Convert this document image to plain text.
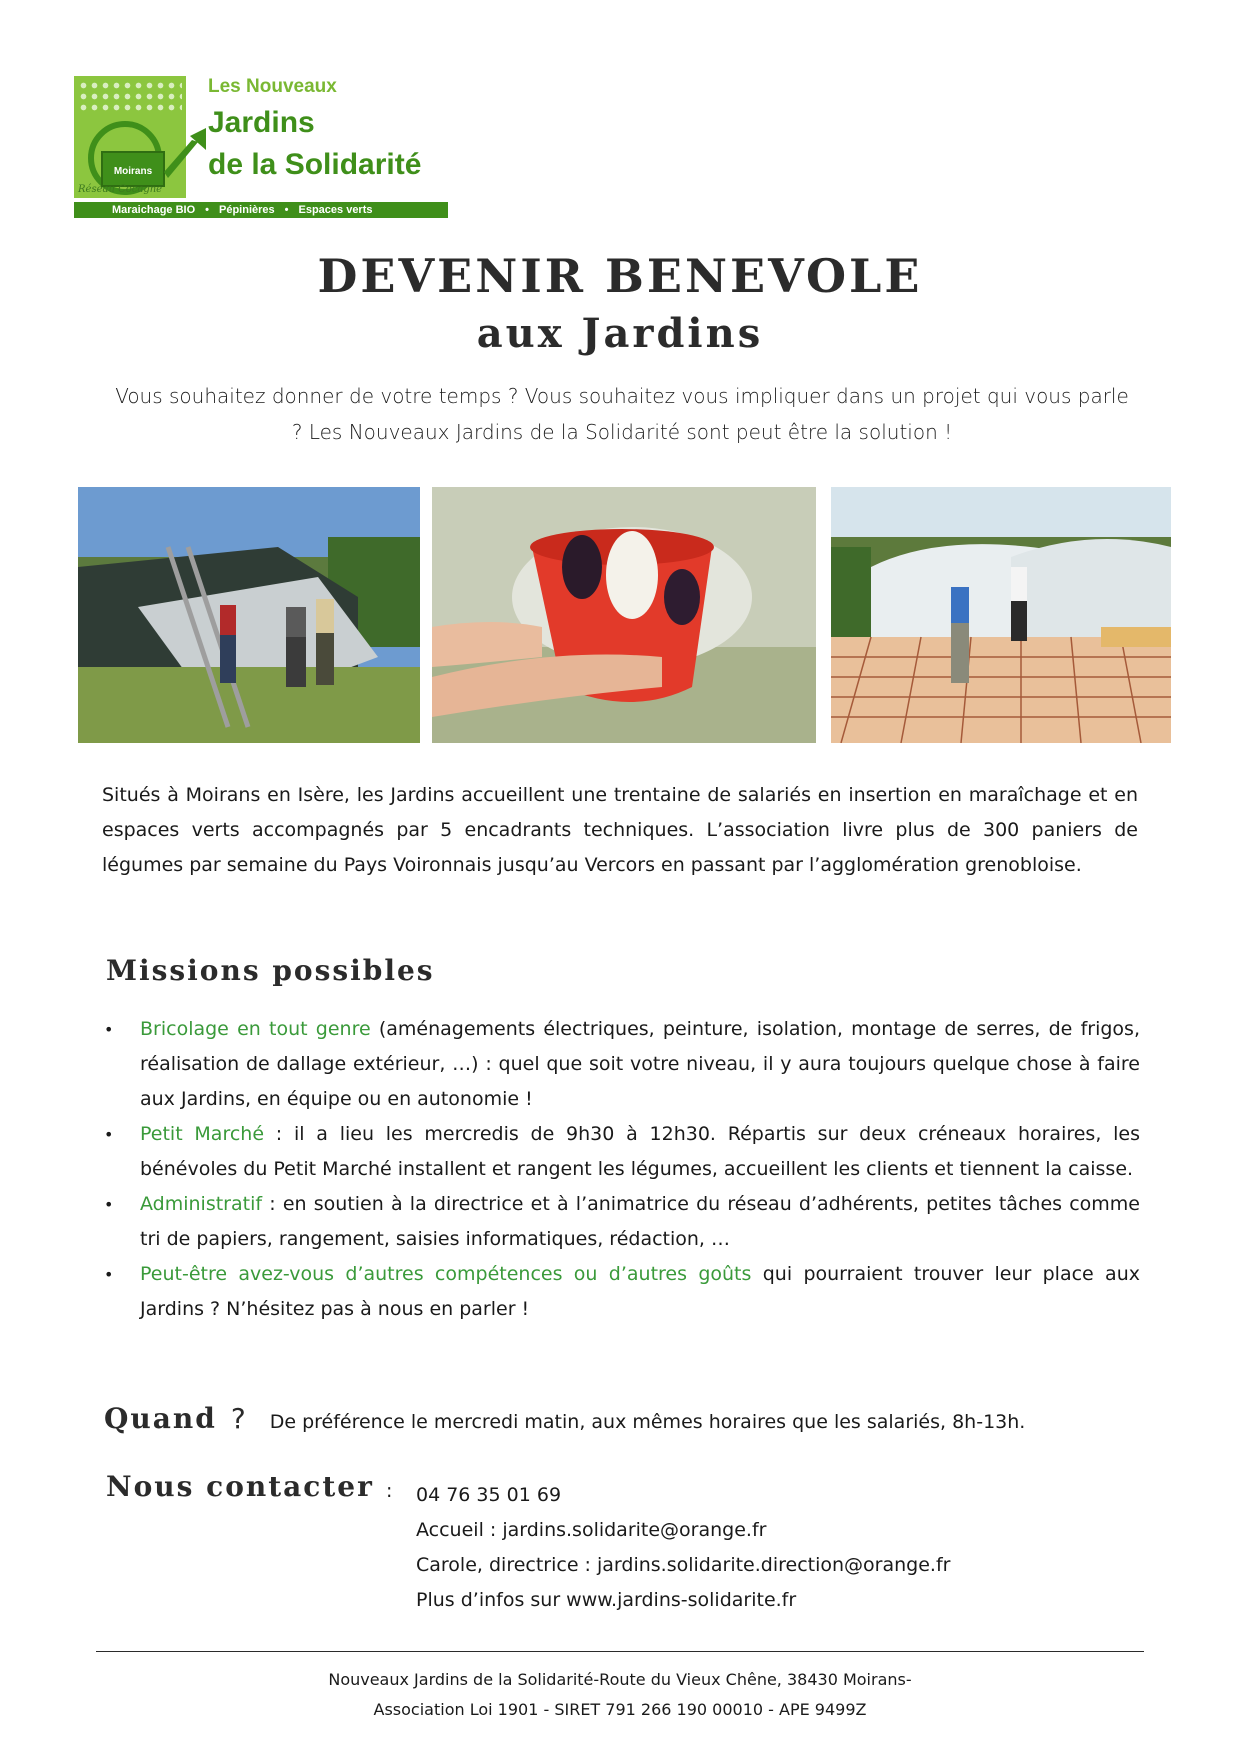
Moirans
Réseau Cocagne
Les Nouveaux
Jardins
de la Solidarité
Maraichage BIO • Pépinières • Espaces verts
DEVENIR BENEVOLE
aux Jardins
Vous souhaitez donner de votre temps ? Vous souhaitez vous impliquer dans un projet qui vous parle ? Les Nouveaux Jardins de la Solidarité sont peut être la solution !
Situés à Moirans en Isère, les Jardins accueillent une trentaine de salariés en insertion en maraîchage et en espaces verts accompagnés par 5 encadrants techniques. L’association livre plus de 300 paniers de légumes par semaine du Pays Voironnais jusqu’au Vercors en passant par l’agglomération grenobloise.
Missions possibles
• Bricolage en tout genre (aménagements électriques, peinture, isolation, montage de serres, de frigos, réalisation de dallage extérieur, …) : quel que soit votre niveau, il y aura toujours quelque chose à faire aux Jardins, en équipe ou en autonomie !
• Petit Marché : il a lieu les mercredis de 9h30 à 12h30. Répartis sur deux créneaux horaires, les bénévoles du Petit Marché installent et rangent les légumes, accueillent les clients et tiennent la caisse.
• Administratif : en soutien à la directrice et à l’animatrice du réseau d’adhérents, petites tâches comme tri de papiers, rangement, saisies informatiques, rédaction, …
• Peut-être avez-vous d’autres compétences ou d’autres goûts qui pourraient trouver leur place aux Jardins ? N’hésitez pas à nous en parler !
Quand ? De préférence le mercredi matin, aux mêmes horaires que les salariés, 8h-13h.
Nous contacter : 04 76 35 01 69
Accueil : jardins.solidarite@orange.fr
Carole, directrice : jardins.solidarite.direction@orange.fr
Plus d’infos sur www.jardins-solidarite.fr
Nouveaux Jardins de la Solidarité-Route du Vieux Chêne, 38430 Moirans-
Association Loi 1901 - SIRET 791 266 190 00010 - APE 9499Z
